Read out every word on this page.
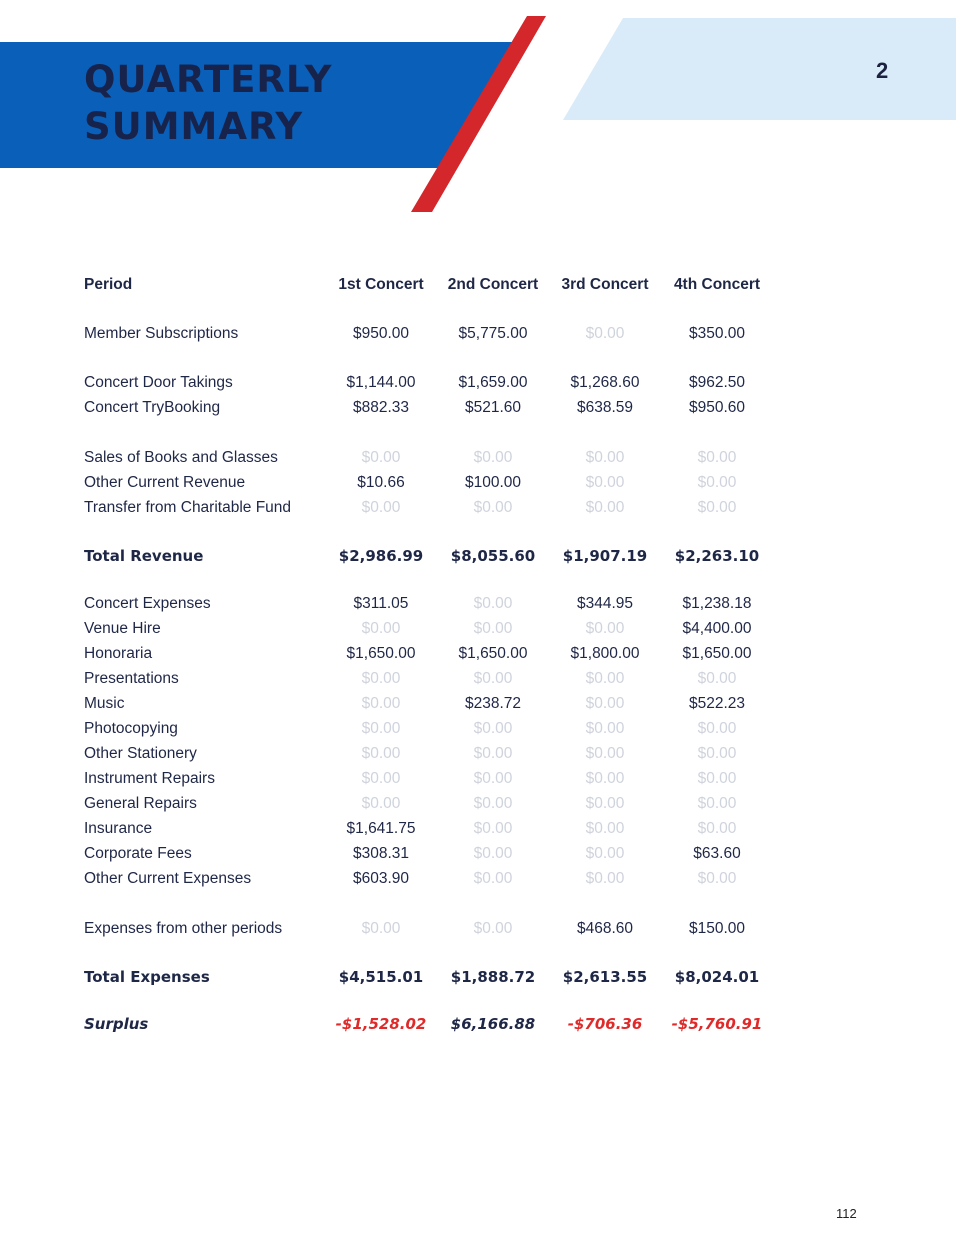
QUARTERLY
SUMMARY
2
Period	1st Concert	2nd Concert	3rd Concert	4th Concert
Member Subscriptions	$950.00	$5,775.00	$0.00	$350.00
Concert Door Takings	$1,144.00	$1,659.00	$1,268.60	$962.50
Concert TryBooking	$882.33	$521.60	$638.59	$950.60
Sales of Books and Glasses	$0.00	$0.00	$0.00	$0.00
Other Current Revenue	$10.66	$100.00	$0.00	$0.00
Transfer from Charitable Fund	$0.00	$0.00	$0.00	$0.00
Total Revenue	$2,986.99	$8,055.60	$1,907.19	$2,263.10
Concert Expenses	$311.05	$0.00	$344.95	$1,238.18
Venue Hire	$0.00	$0.00	$0.00	$4,400.00
Honoraria	$1,650.00	$1,650.00	$1,800.00	$1,650.00
Presentations	$0.00	$0.00	$0.00	$0.00
Music	$0.00	$238.72	$0.00	$522.23
Photocopying	$0.00	$0.00	$0.00	$0.00
Other Stationery	$0.00	$0.00	$0.00	$0.00
Instrument Repairs	$0.00	$0.00	$0.00	$0.00
General Repairs	$0.00	$0.00	$0.00	$0.00
Insurance	$1,641.75	$0.00	$0.00	$0.00
Corporate Fees	$308.31	$0.00	$0.00	$63.60
Other Current Expenses	$603.90	$0.00	$0.00	$0.00
Expenses from other periods	$0.00	$0.00	$468.60	$150.00
Total Expenses	$4,515.01	$1,888.72	$2,613.55	$8,024.01
Surplus	-$1,528.02	$6,166.88	-$706.36	-$5,760.91
112
